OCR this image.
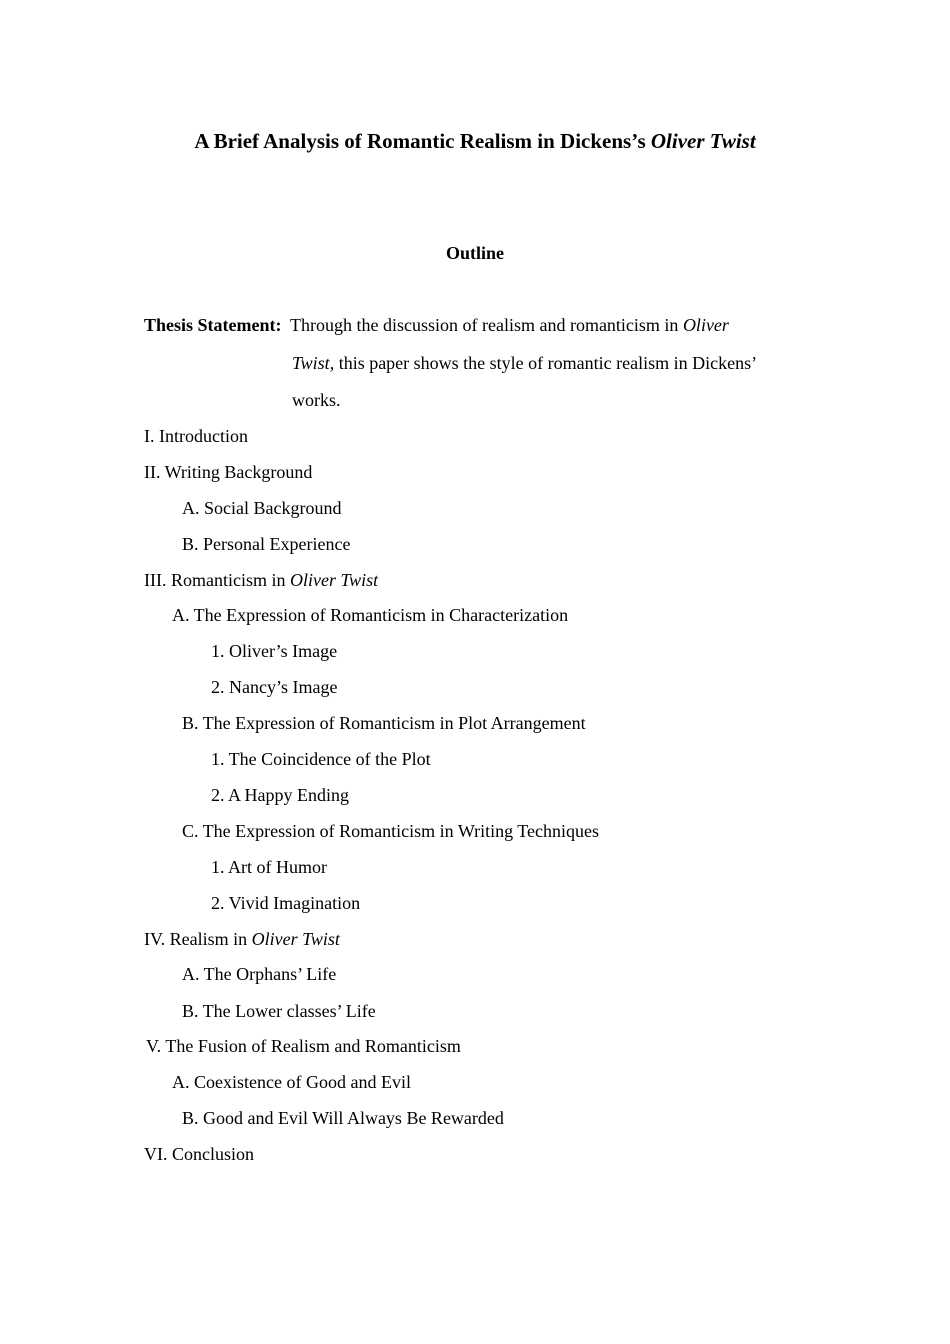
A Brief Analysis of Romantic Realism in Dickens’s Oliver Twist
Outline
Thesis Statement: Through the discussion of realism and romanticism in Oliver
Twist, this paper shows the style of romantic realism in Dickens’
works.
I. Introduction
II. Writing Background
A. Social Background
B. Personal Experience
III. Romanticism in Oliver Twist
A. The Expression of Romanticism in Characterization
1. Oliver’s Image
2. Nancy’s Image
B. The Expression of Romanticism in Plot Arrangement
1. The Coincidence of the Plot
2. A Happy Ending
C. The Expression of Romanticism in Writing Techniques
1. Art of Humor
2. Vivid Imagination
IV. Realism in Oliver Twist
A. The Orphans’ Life
B. The Lower classes’ Life
V. The Fusion of Realism and Romanticism
A. Coexistence of Good and Evil
B. Good and Evil Will Always Be Rewarded
VI. Conclusion
